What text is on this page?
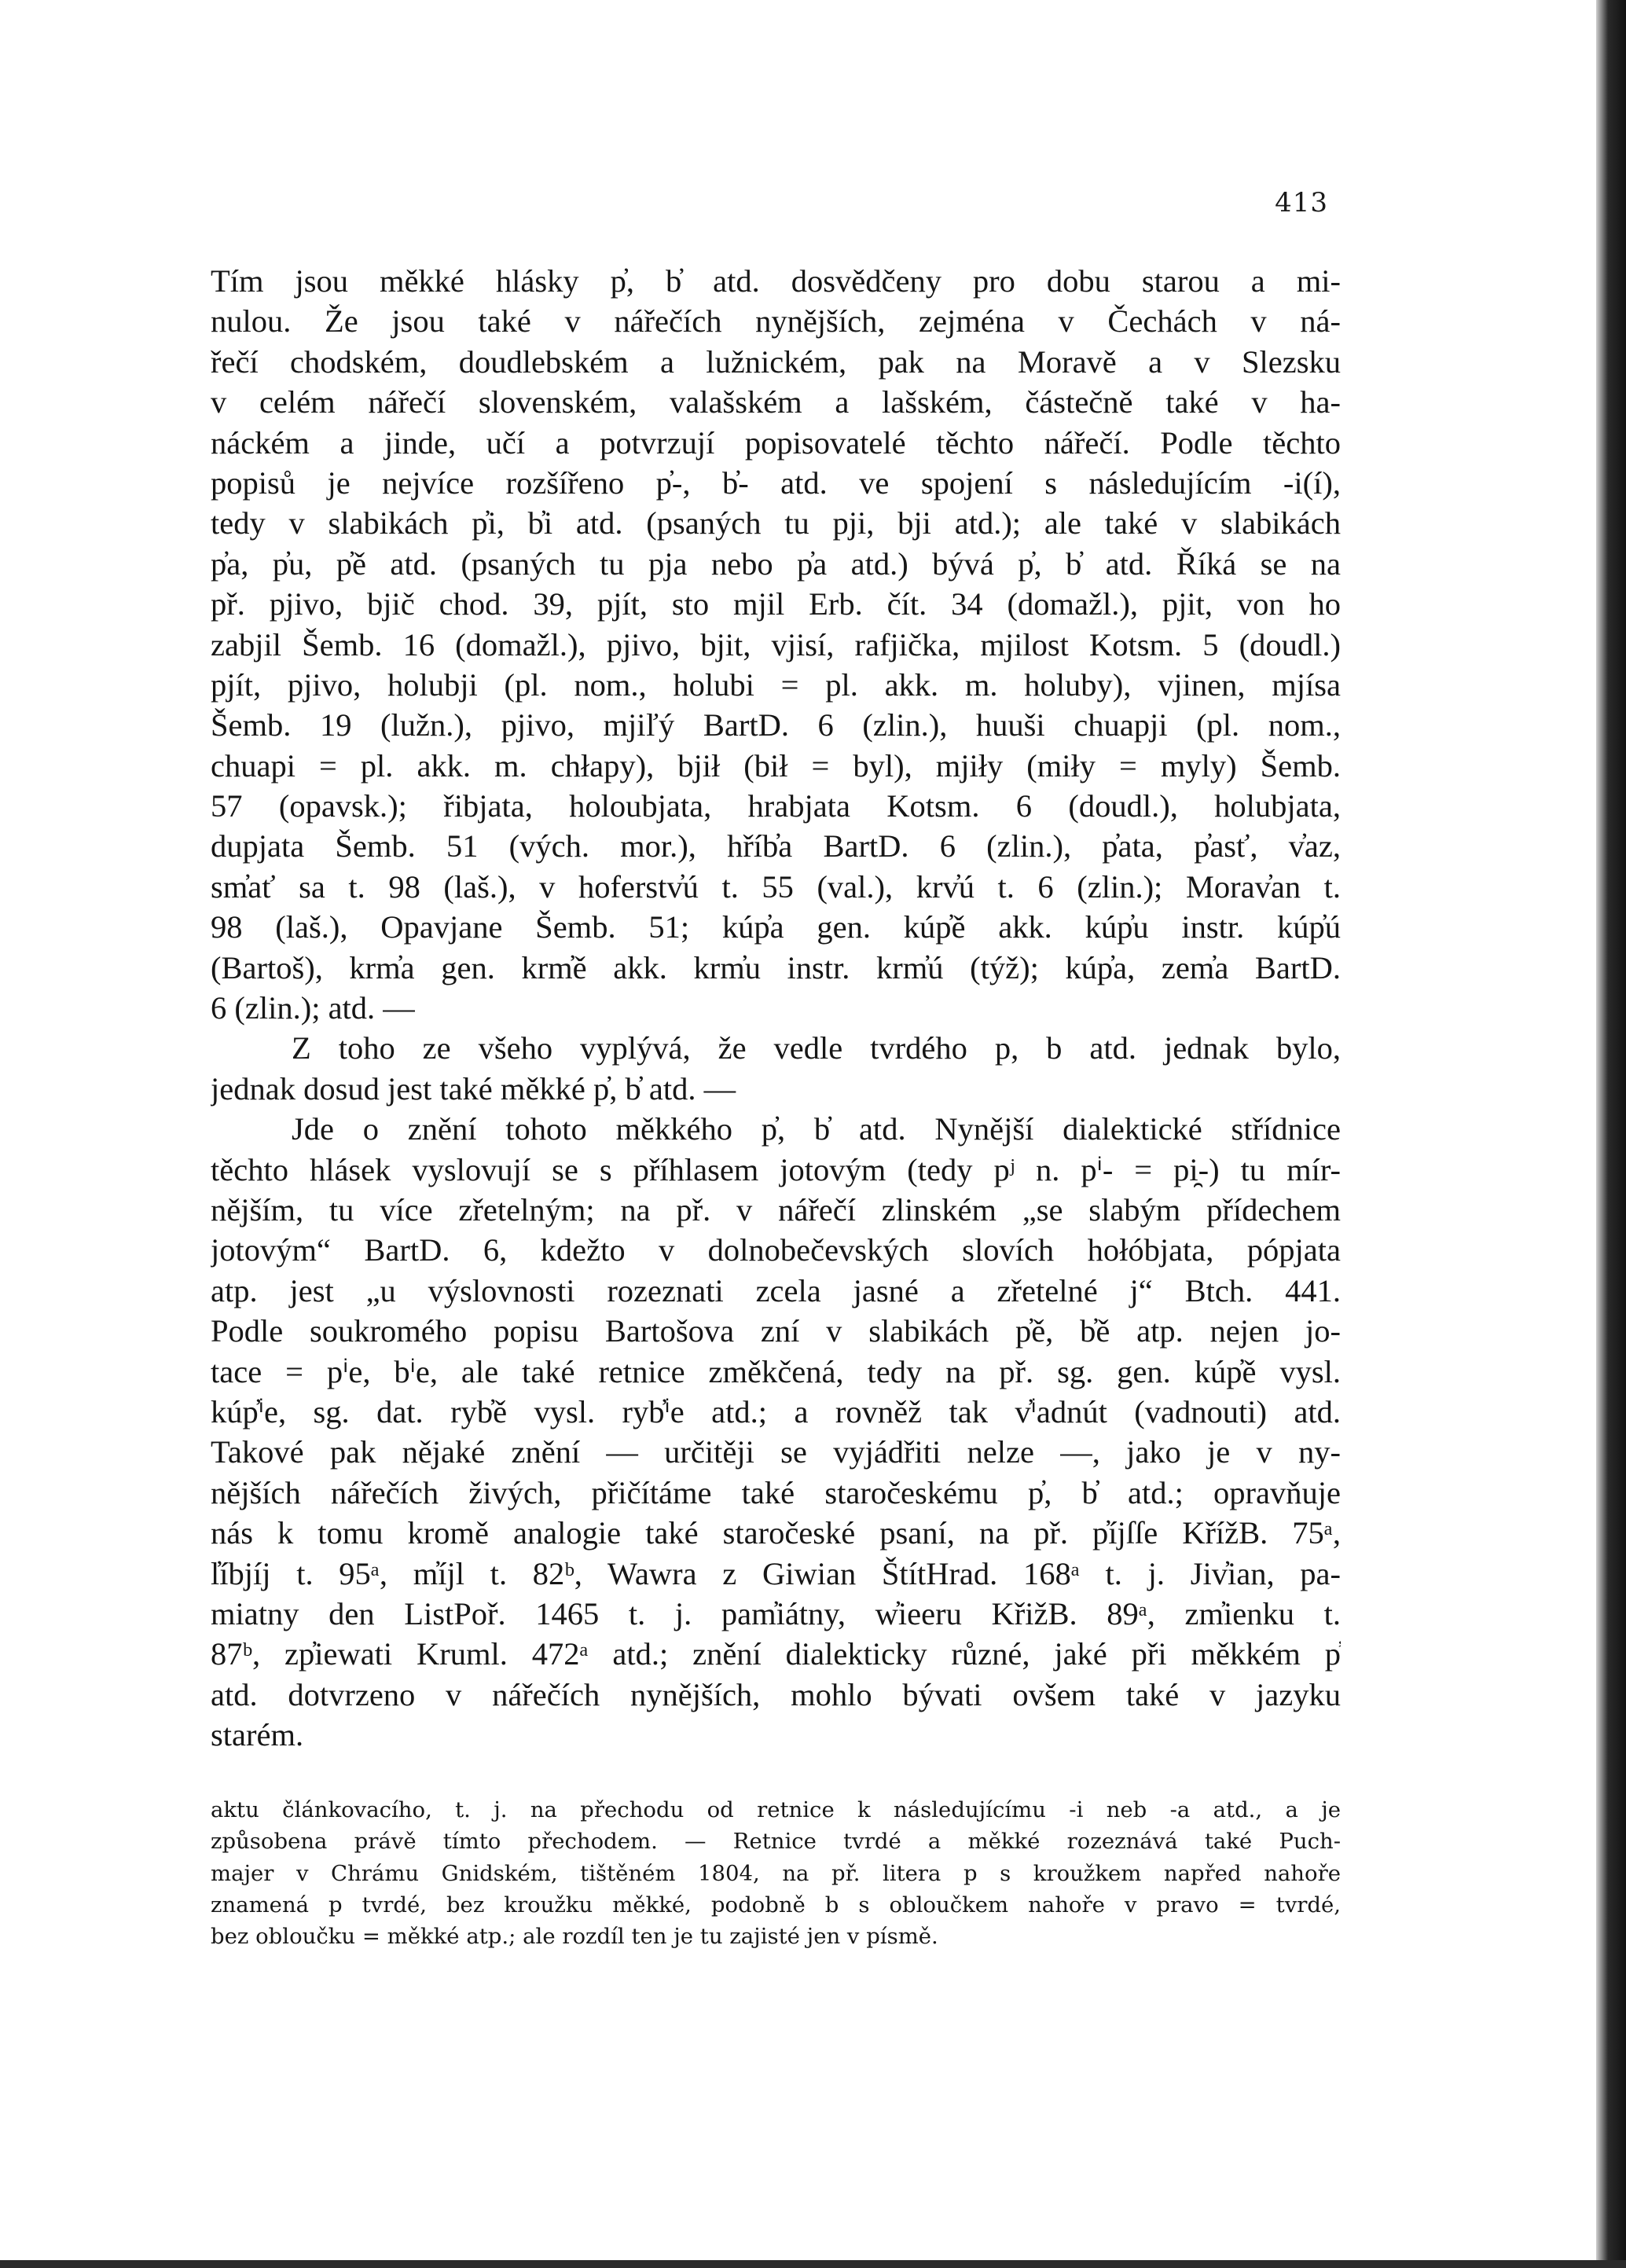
413
Tím jsou měkké hlásky p̓, b̓ atd. dosvědčeny pro dobu starou a mi-
nulou. Že jsou také v nářečích nynějších, zejména v Čechách v ná-
řečí chodském, doudlebském a lužnickém, pak na Moravě a v Slezsku
v celém nářečí slovenském, valašském a lašském, částečně také v ha-
náckém a jinde, učí a potvrzují popisovatelé těchto nářečí. Podle těchto
popisů je nejvíce rozšířeno p̓-, b̓- atd. ve spojení s následujícím -i(í),
tedy v slabikách p̓i, b̓i atd. (psaných tu pji, bji atd.); ale také v slabikách
p̓a, p̓u, p̓ě atd. (psaných tu pja nebo p̓a atd.) bývá p̓, b̓ atd. Říká se na
př. pjivo, bjič chod. 39, pjít, sto mjil Erb. čít. 34 (domažl.), pjit, von ho
zabjil Šemb. 16 (domažl.), pjivo, bjit, vjisí, rafjička, mjilost Kotsm. 5 (doudl.)
pjít, pjivo, holubji (pl. nom., holubi = pl. akk. m. holuby), vjinen, mjísa
Šemb. 19 (lužn.), pjivo, mjiľý BartD. 6 (zlin.), huuši chuapji (pl. nom.,
chuapi = pl. akk. m. chłapy), bjił (bił = byl), mjiły (miły = myly) Šemb.
57 (opavsk.); řibjata, holoubjata, hrabjata Kotsm. 6 (doudl.), holubjata,
dupjata Šemb. 51 (vých. mor.), hříb̓a BartD. 6 (zlin.), p̓ata, p̓asť, v̓az,
sm̓ať sa t. 98 (laš.), v hoferstv̓ú t. 55 (val.), krv̓ú t. 6 (zlin.); Morav̓an t.
98 (laš.), Opavjane Šemb. 51; kúp̓a gen. kúp̓ě akk. kúp̓u instr. kúp̓ú
(Bartoš), krm̓a gen. krm̓ě akk. krm̓u instr. krm̓ú (týž); kúp̓a, zem̓a BartD.
6 (zlin.); atd. —
Z toho ze všeho vyplývá, že vedle tvrdého p, b atd. jednak bylo,
jednak dosud jest také měkké p̓, b̓ atd. —
Jde o znění tohoto měkkého p̓, b̓ atd. Nynější dialektické střídnice
těchto hlásek vyslovují se s příhlasem jotovým (tedy pʲ n. pⁱ- = pi̯-) tu mír-
nějším, tu více zřetelným; na př. v nářečí zlinském „se slabým přídechem
jotovým“ BartD. 6, kdežto v dolnobečevských slovích hołóbjata, pópjata
atp. jest „u výslovnosti rozeznati zcela jasné a zřetelné j“ Btch. 441.
Podle soukromého popisu Bartošova zní v slabikách p̓ě, b̓ě atp. nejen jo-
tace = pⁱe, bⁱe, ale také retnice změkčená, tedy na př. sg. gen. kúp̓ě vysl.
kúp̓ⁱe, sg. dat. ryb̓ě vysl. ryb̓ⁱe atd.; a rovněž tak v̓ⁱadnút (vadnouti) atd.
Takové pak nějaké znění — určitěji se vyjádřiti nelze —, jako je v ny-
nějších nářečích živých, přičítáme také staročeskému p̓, b̓ atd.; opravňuje
nás k tomu kromě analogie také staročeské psaní, na př. p̓íjſſe KřížB. 75ᵃ,
l̓íbjíj t. 95ᵃ, m̓íjl t. 82ᵇ, Wawra z Giwian ŠtítHrad. 168ᵃ t. j. Jiv̓ian, pa-
miatny den ListPoř. 1465 t. j. pam̓iátny, w̓ieeru KřižB. 89ᵃ, zm̓ienku t.
87ᵇ, zp̓iewati Kruml. 472ᵃ atd.; znění dialekticky různé, jaké při měkkém p̓
atd. dotvrzeno v nářečích nynějších, mohlo bývati ovšem také v jazyku
starém.
aktu článkovacího, t. j. na přechodu od retnice k následujícímu -i neb -a atd., a je
způsobena právě tímto přechodem. — Retnice tvrdé a měkké rozeznává také Puch-
majer v Chrámu Gnidském, tištěném 1804, na př. litera p s kroužkem napřed nahoře
znamená p tvrdé, bez kroužku měkké, podobně b s obloučkem nahoře v pravo = tvrdé,
bez obloučku = měkké atp.; ale rozdíl ten je tu zajisté jen v písmě.
